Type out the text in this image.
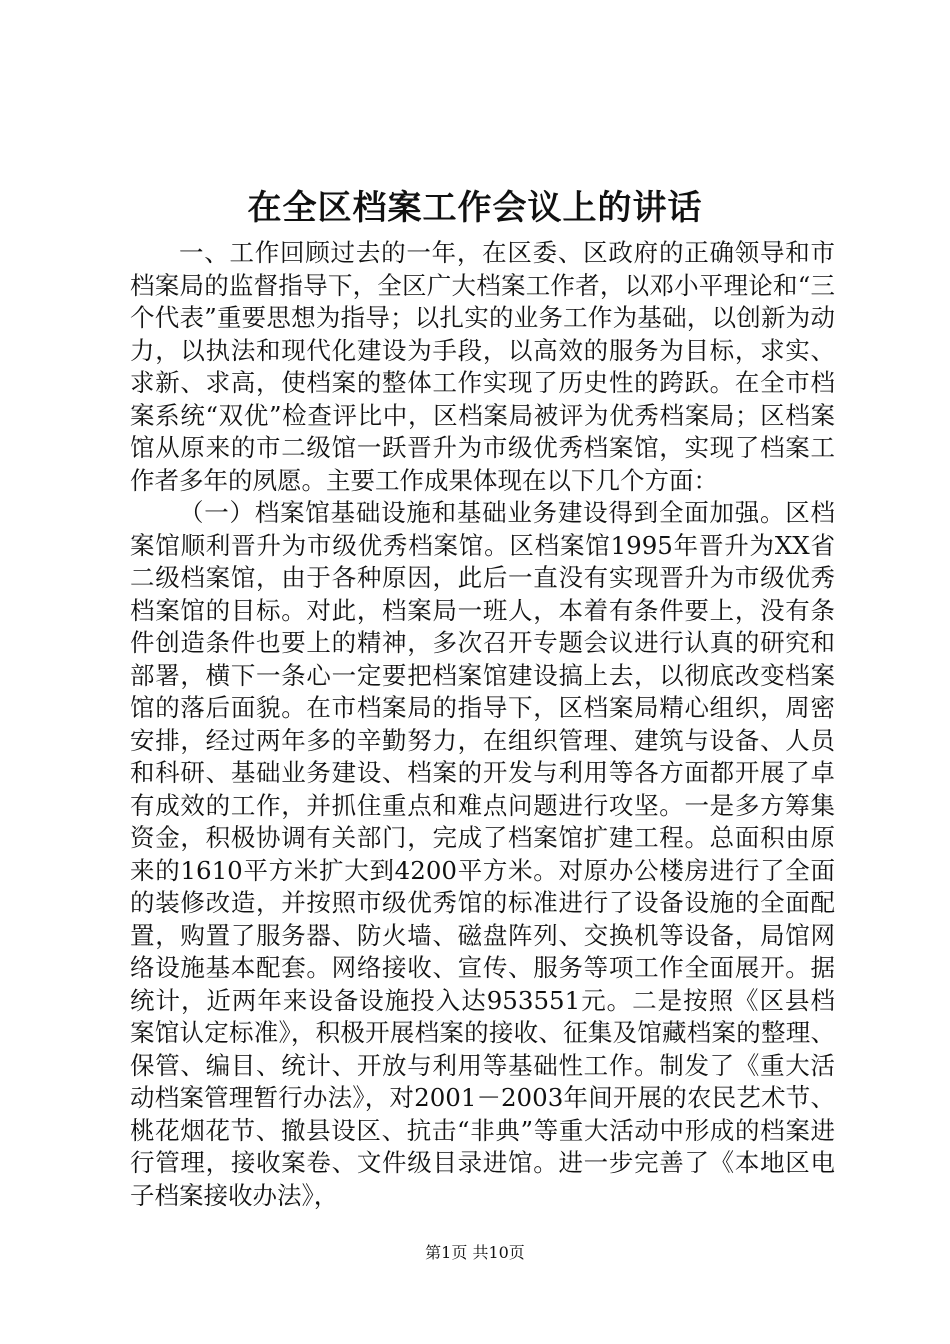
在全区档案工作会议上的讲话

一、工作回顾过去的一年，在区委、区政府的正确领导和市档案局的监督指导下，全区广大档案工作者，以邓小平理论和“三个代表”重要思想为指导；以扎实的业务工作为基础，以创新为动力，以执法和现代化建设为手段，以高效的服务为目标，求实、求新、求高，使档案的整体工作实现了历史性的跨跃。在全市档案系统“双优”检查评比中，区档案局被评为优秀档案局；区档案馆从原来的市二级馆一跃晋升为市级优秀档案馆，实现了档案工作者多年的夙愿。主要工作成果体现在以下几个方面：

（一）档案馆基础设施和基础业务建设得到全面加强。区档案馆顺利晋升为市级优秀档案馆。区档案馆1995年晋升为XX省二级档案馆，由于各种原因，此后一直没有实现晋升为市级优秀档案馆的目标。对此，档案局一班人，本着有条件要上，没有条件创造条件也要上的精神，多次召开专题会议进行认真的研究和部署，横下一条心一定要把档案馆建设搞上去，以彻底改变档案馆的落后面貌。在市档案局的指导下，区档案局精心组织，周密安排，经过两年多的辛勤努力，在组织管理、建筑与设备、人员和科研、基础业务建设、档案的开发与利用等各方面都开展了卓有成效的工作，并抓住重点和难点问题进行攻坚。一是多方筹集资金，积极协调有关部门，完成了档案馆扩建工程。总面积由原来的1610平方米扩大到4200平方米。对原办公楼房进行了全面的装修改造，并按照市级优秀馆的标准进行了设备设施的全面配置，购置了服务器、防火墙、磁盘阵列、交换机等设备，局馆网络设施基本配套。网络接收、宣传、服务等项工作全面展开。据统计，近两年来设备设施投入达953551元。二是按照《区县档案馆认定标准》，积极开展档案的接收、征集及馆藏档案的整理、保管、编目、统计、开放与利用等基础性工作。制发了《重大活动档案管理暂行办法》，对2001－2003年间开展的农民艺术节、桃花烟花节、撤县设区、抗击“非典”等重大活动中形成的档案进行管理，接收案卷、文件级目录进馆。进一步完善了《本地区电子档案接收办法》，

第1页 共10页
